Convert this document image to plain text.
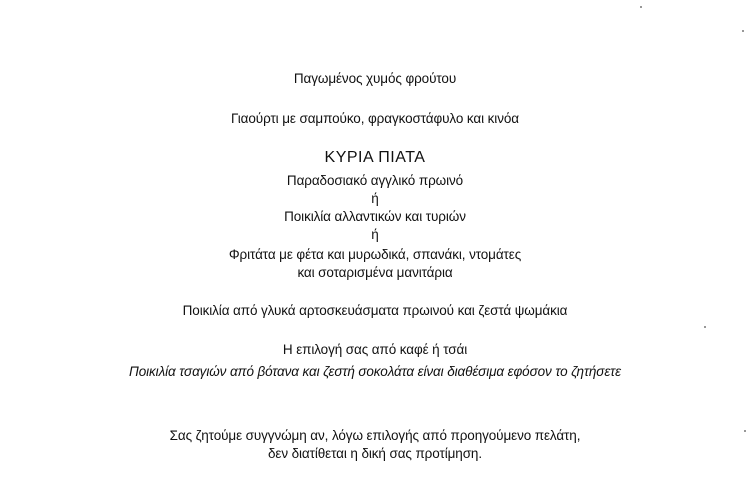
Παγωμένος χυμός φρούτου
Γιαούρτι με σαμπούκο, φραγκοστάφυλο και κινόα
ΚΥΡΙΑ ΠΙΑΤΑ
Παραδοσιακό αγγλικό πρωινό
ή
Ποικιλία αλλαντικών και τυριών
ή
Φριτάτα με φέτα και μυρωδικά, σπανάκι, ντομάτες
και σοταρισμένα μανιτάρια
Ποικιλία από γλυκά αρτοσκευάσματα πρωινού και ζεστά ψωμάκια
Η επιλογή σας από καφέ ή τσάι
Ποικιλία τσαγιών από βότανα και ζεστή σοκολάτα είναι διαθέσιμα εφόσον το ζητήσετε
Σας ζητούμε συγγνώμη αν, λόγω επιλογής από προηγούμενο πελάτη,
δεν διατίθεται η δική σας προτίμηση.
